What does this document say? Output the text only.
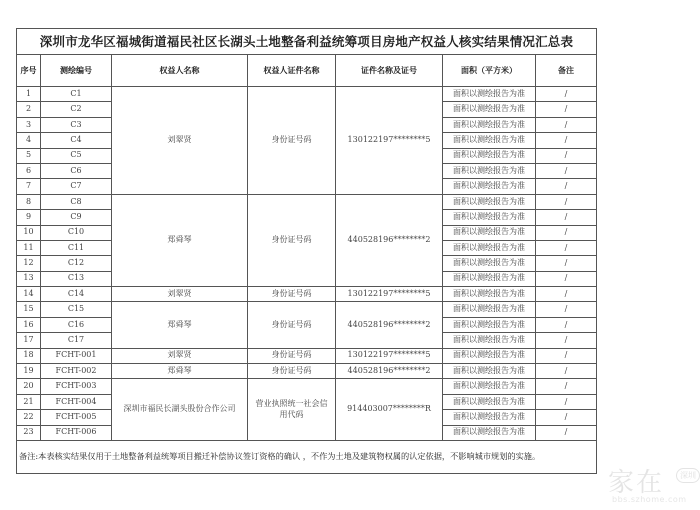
深圳市龙华区福城街道福民社区长湖头土地整备利益统筹项目房地产权益人核实结果情况汇总表						
序号	测绘编号	权益人名称	权益人证件名称	证件名称及证号	面积（平方米）	备注
1	C1	刘翠贤	身份证号码	130122197********5	面积以测绘报告为准	/
2	C2				面积以测绘报告为准	/
3	C3				面积以测绘报告为准	/
4	C4				面积以测绘报告为准	/
5	C5				面积以测绘报告为准	/
6	C6				面积以测绘报告为准	/
7	C7				面积以测绘报告为准	/
8	C8	郑舜琴	身份证号码	440528196********2	面积以测绘报告为准	/
9	C9				面积以测绘报告为准	/
10	C10				面积以测绘报告为准	/
11	C11				面积以测绘报告为准	/
12	C12				面积以测绘报告为准	/
13	C13				面积以测绘报告为准	/
14	C14	刘翠贤	身份证号码	130122197********5	面积以测绘报告为准	/
15	C15	郑舜琴	身份证号码	440528196********2	面积以测绘报告为准	/
16	C16				面积以测绘报告为准	/
17	C17				面积以测绘报告为准	/
18	FCHT-001	刘翠贤	身份证号码	130122197********5	面积以测绘报告为准	/
19	FCHT-002	郑舜琴	身份证号码	440528196********2	面积以测绘报告为准	/
20	FCHT-003	深圳市福民长湖头股份合作公司	营业执照统一社会信用代码	914403007********R	面积以测绘报告为准	/
21	FCHT-004				面积以测绘报告为准	/
22	FCHT-005				面积以测绘报告为准	/
23	FCHT-006				面积以测绘报告为准	/
备注:本表核实结果仅用于土地整备利益统筹项目搬迁补偿协议签订资格的确认 ，不作为土地及建筑物权属的认定依据，不影响城市规划的实施。						
家在	深圳
bbs.szhome.com
